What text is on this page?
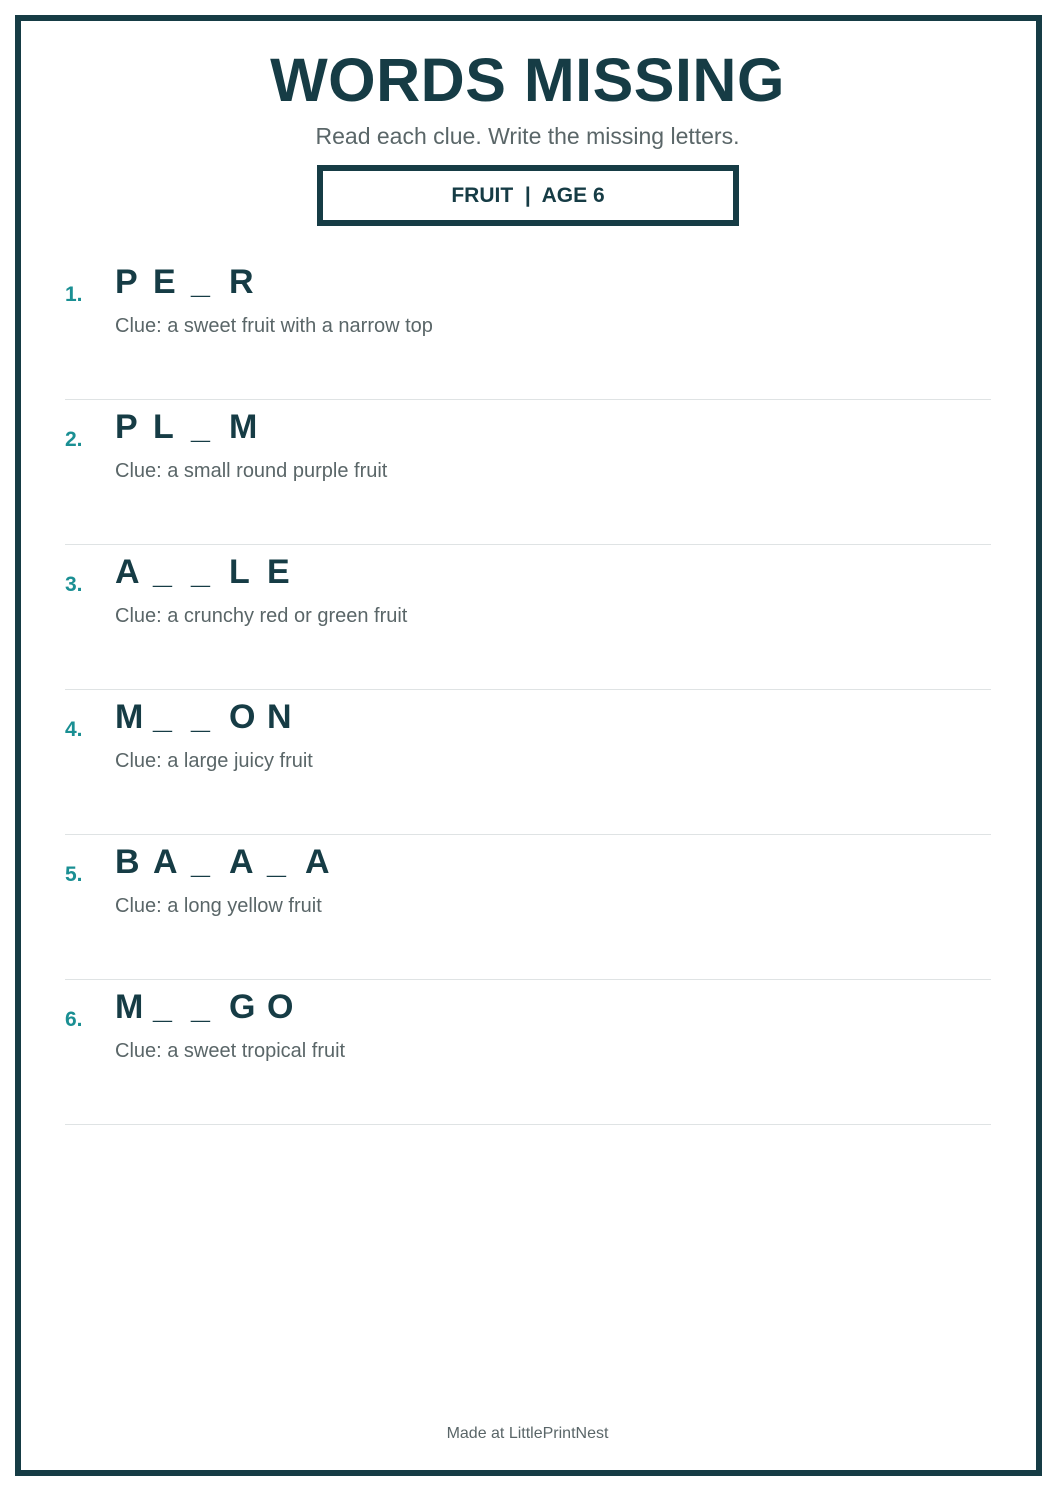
WORDS MISSING
Read each clue. Write the missing letters.
FRUIT  |  AGE 6
1. P E _ R
Clue: a sweet fruit with a narrow top
2. P L _ M
Clue: a small round purple fruit
3. A _ _ L E
Clue: a crunchy red or green fruit
4. M _ _ O N
Clue: a large juicy fruit
5. B A _ A _ A
Clue: a long yellow fruit
6. M _ _ G O
Clue: a sweet tropical fruit
Made at LittlePrintNest
